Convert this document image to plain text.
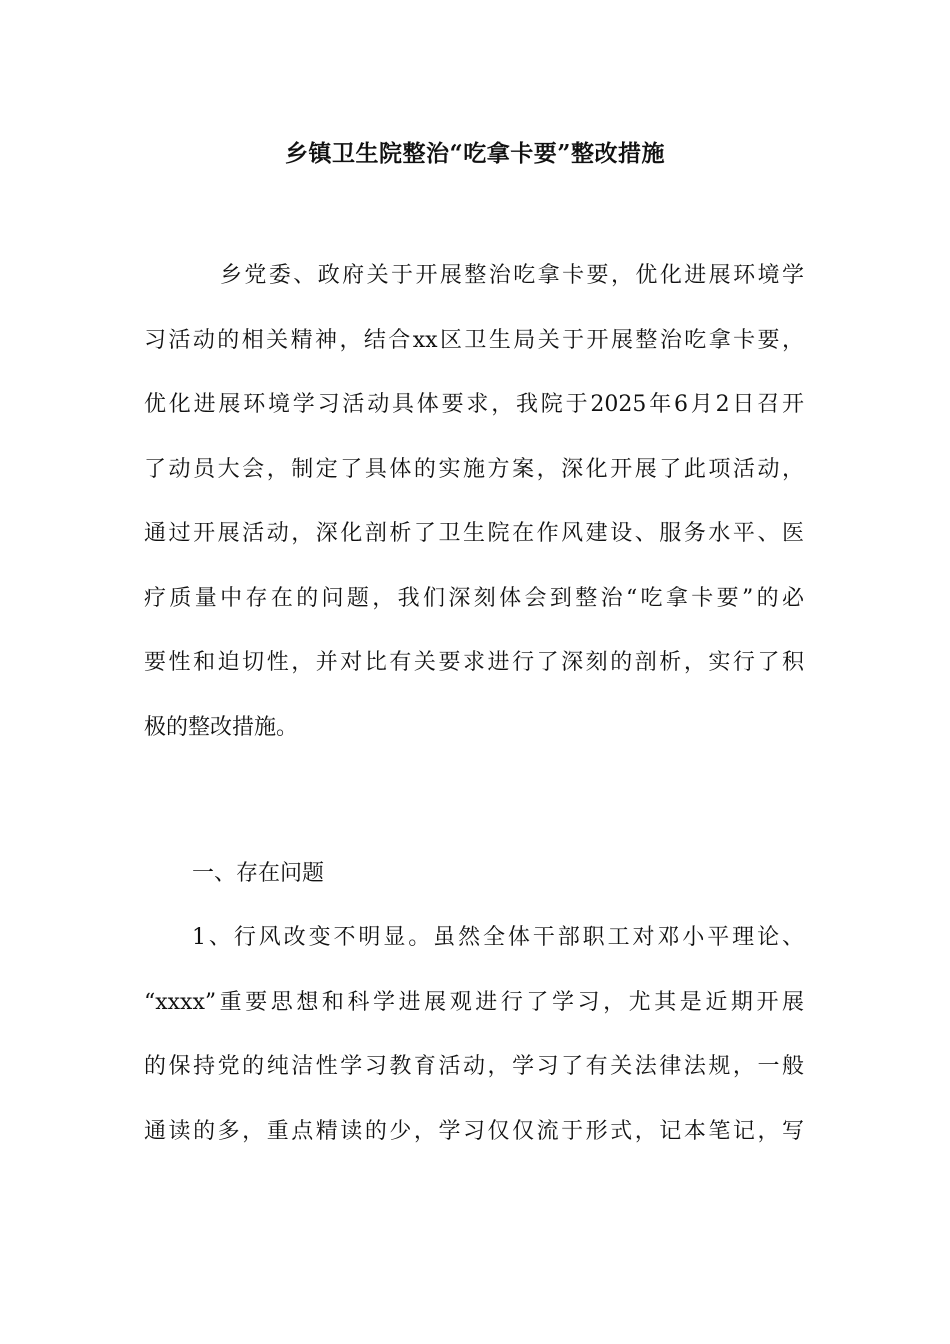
乡镇卫生院整治“吃拿卡要”整改措施
乡党委、政府关于开展整治吃拿卡要，优化进展环境学
习活动的相关精神，结合xx区卫生局关于开展整治吃拿卡要，
优化进展环境学习活动具体要求，我院于2025年6月2日召开
了动员大会，制定了具体的实施方案，深化开展了此项活动，
通过开展活动，深化剖析了卫生院在作风建设、服务水平、医
疗质量中存在的问题，我们深刻体会到整治“吃拿卡要”的必
要性和迫切性，并对比有关要求进行了深刻的剖析，实行了积
极的整改措施。
一、存在问题
1、行风改变不明显。虽然全体干部职工对邓小平理论、
“xxxx”重要思想和科学进展观进行了学习，尤其是近期开展
的保持党的纯洁性学习教育活动，学习了有关法律法规，一般
通读的多，重点精读的少，学习仅仅流于形式，记本笔记，写
